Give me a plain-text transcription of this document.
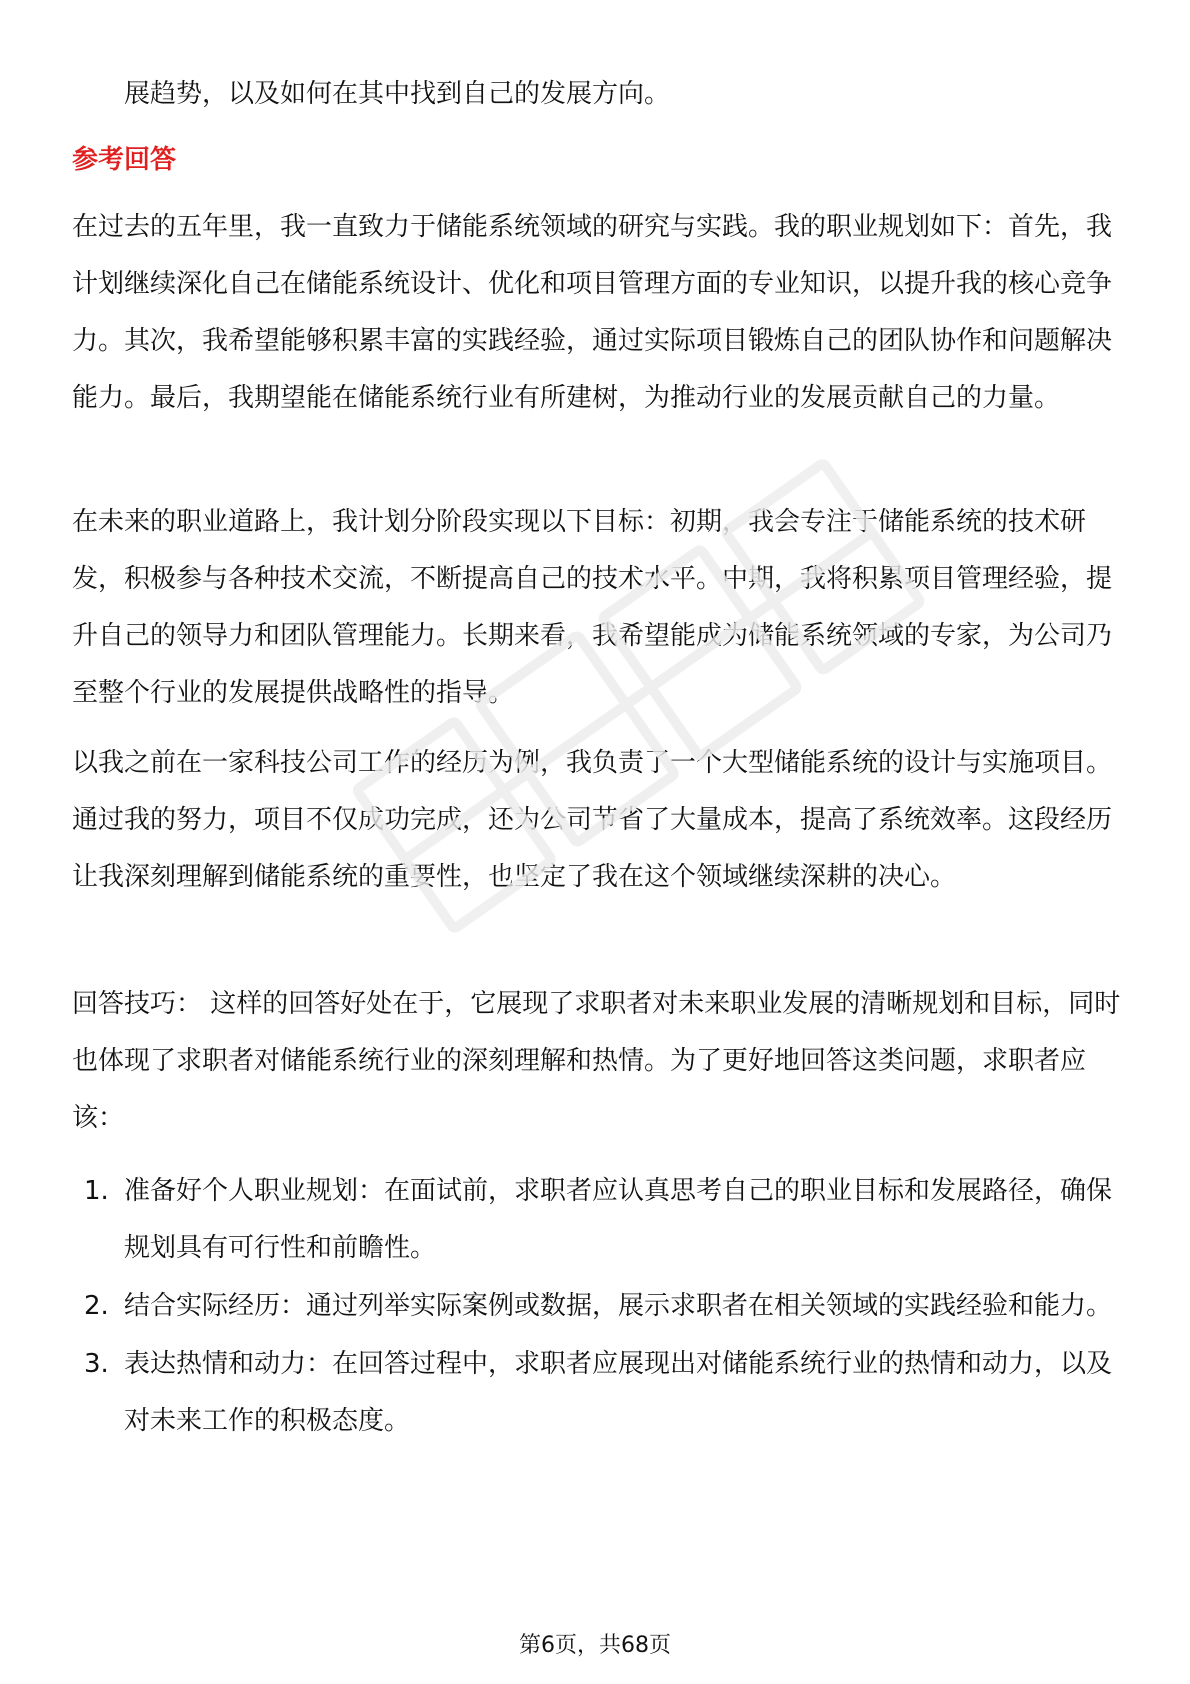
展趋势，以及如何在其中找到自己的发展方向。

参考回答

在过去的五年里，我一直致力于储能系统领域的研究与实践。我的职业规划如下：首先，我计划继续深化自己在储能系统设计、优化和项目管理方面的专业知识，以提升我的核心竞争力。其次，我希望能够积累丰富的实践经验，通过实际项目锻炼自己的团队协作和问题解决能力。最后，我期望能在储能系统行业有所建树，为推动行业的发展贡献自己的力量。

在未来的职业道路上，我计划分阶段实现以下目标：初期，我会专注于储能系统的技术研发，积极参与各种技术交流，不断提高自己的技术水平。中期，我将积累项目管理经验，提升自己的领导力和团队管理能力。长期来看，我希望能成为储能系统领域的专家，为公司乃至整个行业的发展提供战略性的指导。

以我之前在一家科技公司工作的经历为例，我负责了一个大型储能系统的设计与实施项目。通过我的努力，项目不仅成功完成，还为公司节省了大量成本，提高了系统效率。这段经历让我深刻理解到储能系统的重要性，也坚定了我在这个领域继续深耕的决心。

回答技巧： 这样的回答好处在于，它展现了求职者对未来职业发展的清晰规划和目标，同时也体现了求职者对储能系统行业的深刻理解和热情。为了更好地回答这类问题，求职者应该：

1. 准备好个人职业规划：在面试前，求职者应认真思考自己的职业目标和发展路径，确保规划具有可行性和前瞻性。
2. 结合实际经历：通过列举实际案例或数据，展示求职者在相关领域的实践经验和能力。
3. 表达热情和动力：在回答过程中，求职者应展现出对储能系统行业的热情和动力，以及对未来工作的积极态度。
第6页，共68页
